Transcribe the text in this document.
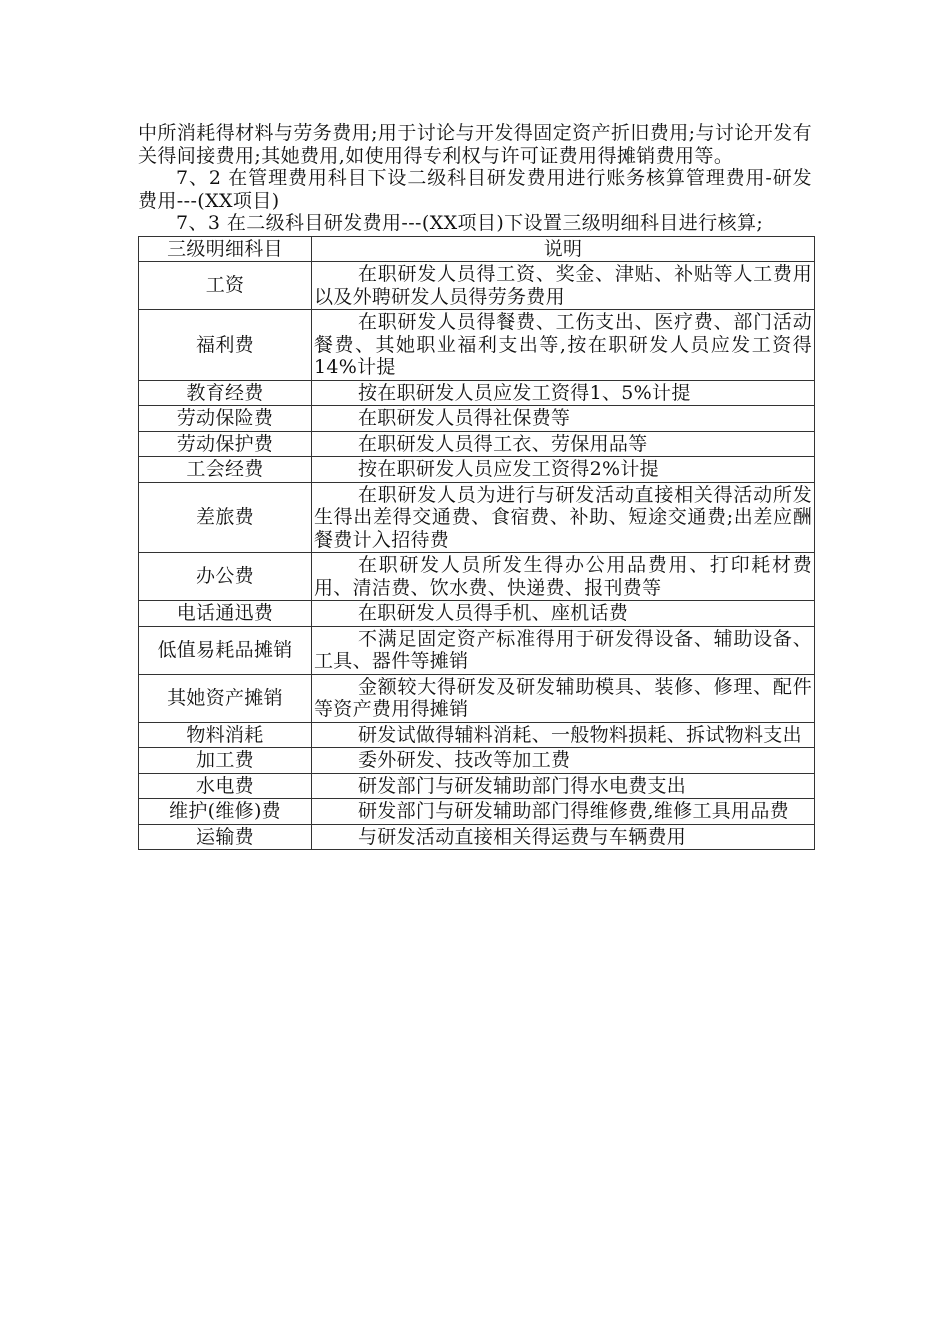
中所消耗得材料与劳务费用;用于讨论与开发得固定资产折旧费用;与讨论开发有关得间接费用;其她费用,如使用得专利权与许可证费用得摊销费用等。

7、2 在管理费用科目下设二级科目研发费用进行账务核算管理费用-研发费用---(XX项目)

7、3 在二级科目研发费用---(XX项目)下设置三级明细科目进行核算;

三级明细科目	说明
工资	在职研发人员得工资、奖金、津贴、补贴等人工费用以及外聘研发人员得劳务费用
福利费	在职研发人员得餐费、工伤支出、医疗费、部门活动餐费、其她职业福利支出等,按在职研发人员应发工资得14%计提
教育经费	按在职研发人员应发工资得1、5%计提
劳动保险费	在职研发人员得社保费等
劳动保护费	在职研发人员得工衣、劳保用品等
工会经费	按在职研发人员应发工资得2%计提
差旅费	在职研发人员为进行与研发活动直接相关得活动所发生得出差得交通费、食宿费、补助、短途交通费;出差应酬餐费计入招待费
办公费	在职研发人员所发生得办公用品费用、打印耗材费用、清洁费、饮水费、快递费、报刊费等
电话通迅费	在职研发人员得手机、座机话费
低值易耗品摊销	不满足固定资产标准得用于研发得设备、辅助设备、工具、器件等摊销
其她资产摊销	金额较大得研发及研发辅助模具、装修、修理、配件等资产费用得摊销
物料消耗	研发试做得辅料消耗、一般物料损耗、拆试物料支出
加工费	委外研发、技改等加工费
水电费	研发部门与研发辅助部门得水电费支出
维护(维修)费	研发部门与研发辅助部门得维修费,维修工具用品费
运输费	与研发活动直接相关得运费与车辆费用
